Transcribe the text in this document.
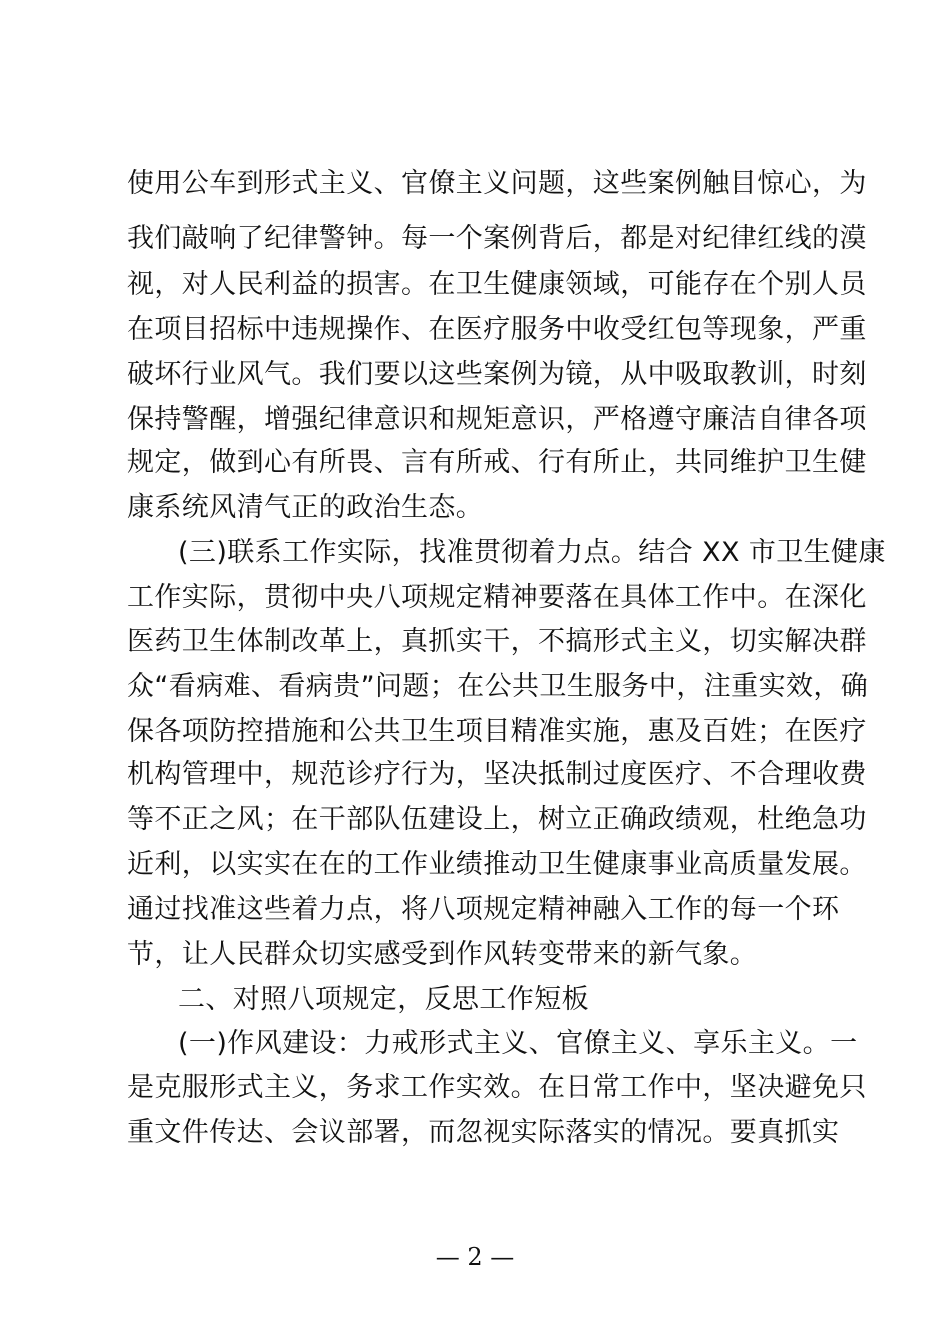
使用公车到形式主义、官僚主义问题，这些案例触目惊心，为
我们敲响了纪律警钟。每一个案例背后，都是对纪律红线的漠
视，对人民利益的损害。在卫生健康领域，可能存在个别人员
在项目招标中违规操作、在医疗服务中收受红包等现象，严重
破坏行业风气。我们要以这些案例为镜，从中吸取教训，时刻
保持警醒，增强纪律意识和规矩意识，严格遵守廉洁自律各项
规定，做到心有所畏、言有所戒、行有所止，共同维护卫生健
康系统风清气正的政治生态。
(三)联系工作实际，找准贯彻着力点。结合 XX 市卫生健康
工作实际，贯彻中央八项规定精神要落在具体工作中。在深化
医药卫生体制改革上，真抓实干，不搞形式主义，切实解决群
众“看病难、看病贵”问题；在公共卫生服务中，注重实效，确
保各项防控措施和公共卫生项目精准实施，惠及百姓；在医疗
机构管理中，规范诊疗行为，坚决抵制过度医疗、不合理收费
等不正之风；在干部队伍建设上，树立正确政绩观，杜绝急功
近利，以实实在在的工作业绩推动卫生健康事业高质量发展。
通过找准这些着力点，将八项规定精神融入工作的每一个环
节，让人民群众切实感受到作风转变带来的新气象。
二、对照八项规定，反思工作短板
(一)作风建设：力戒形式主义、官僚主义、享乐主义。一
是克服形式主义，务求工作实效。在日常工作中，坚决避免只
重文件传达、会议部署，而忽视实际落实的情况。要真抓实
— 2 —
